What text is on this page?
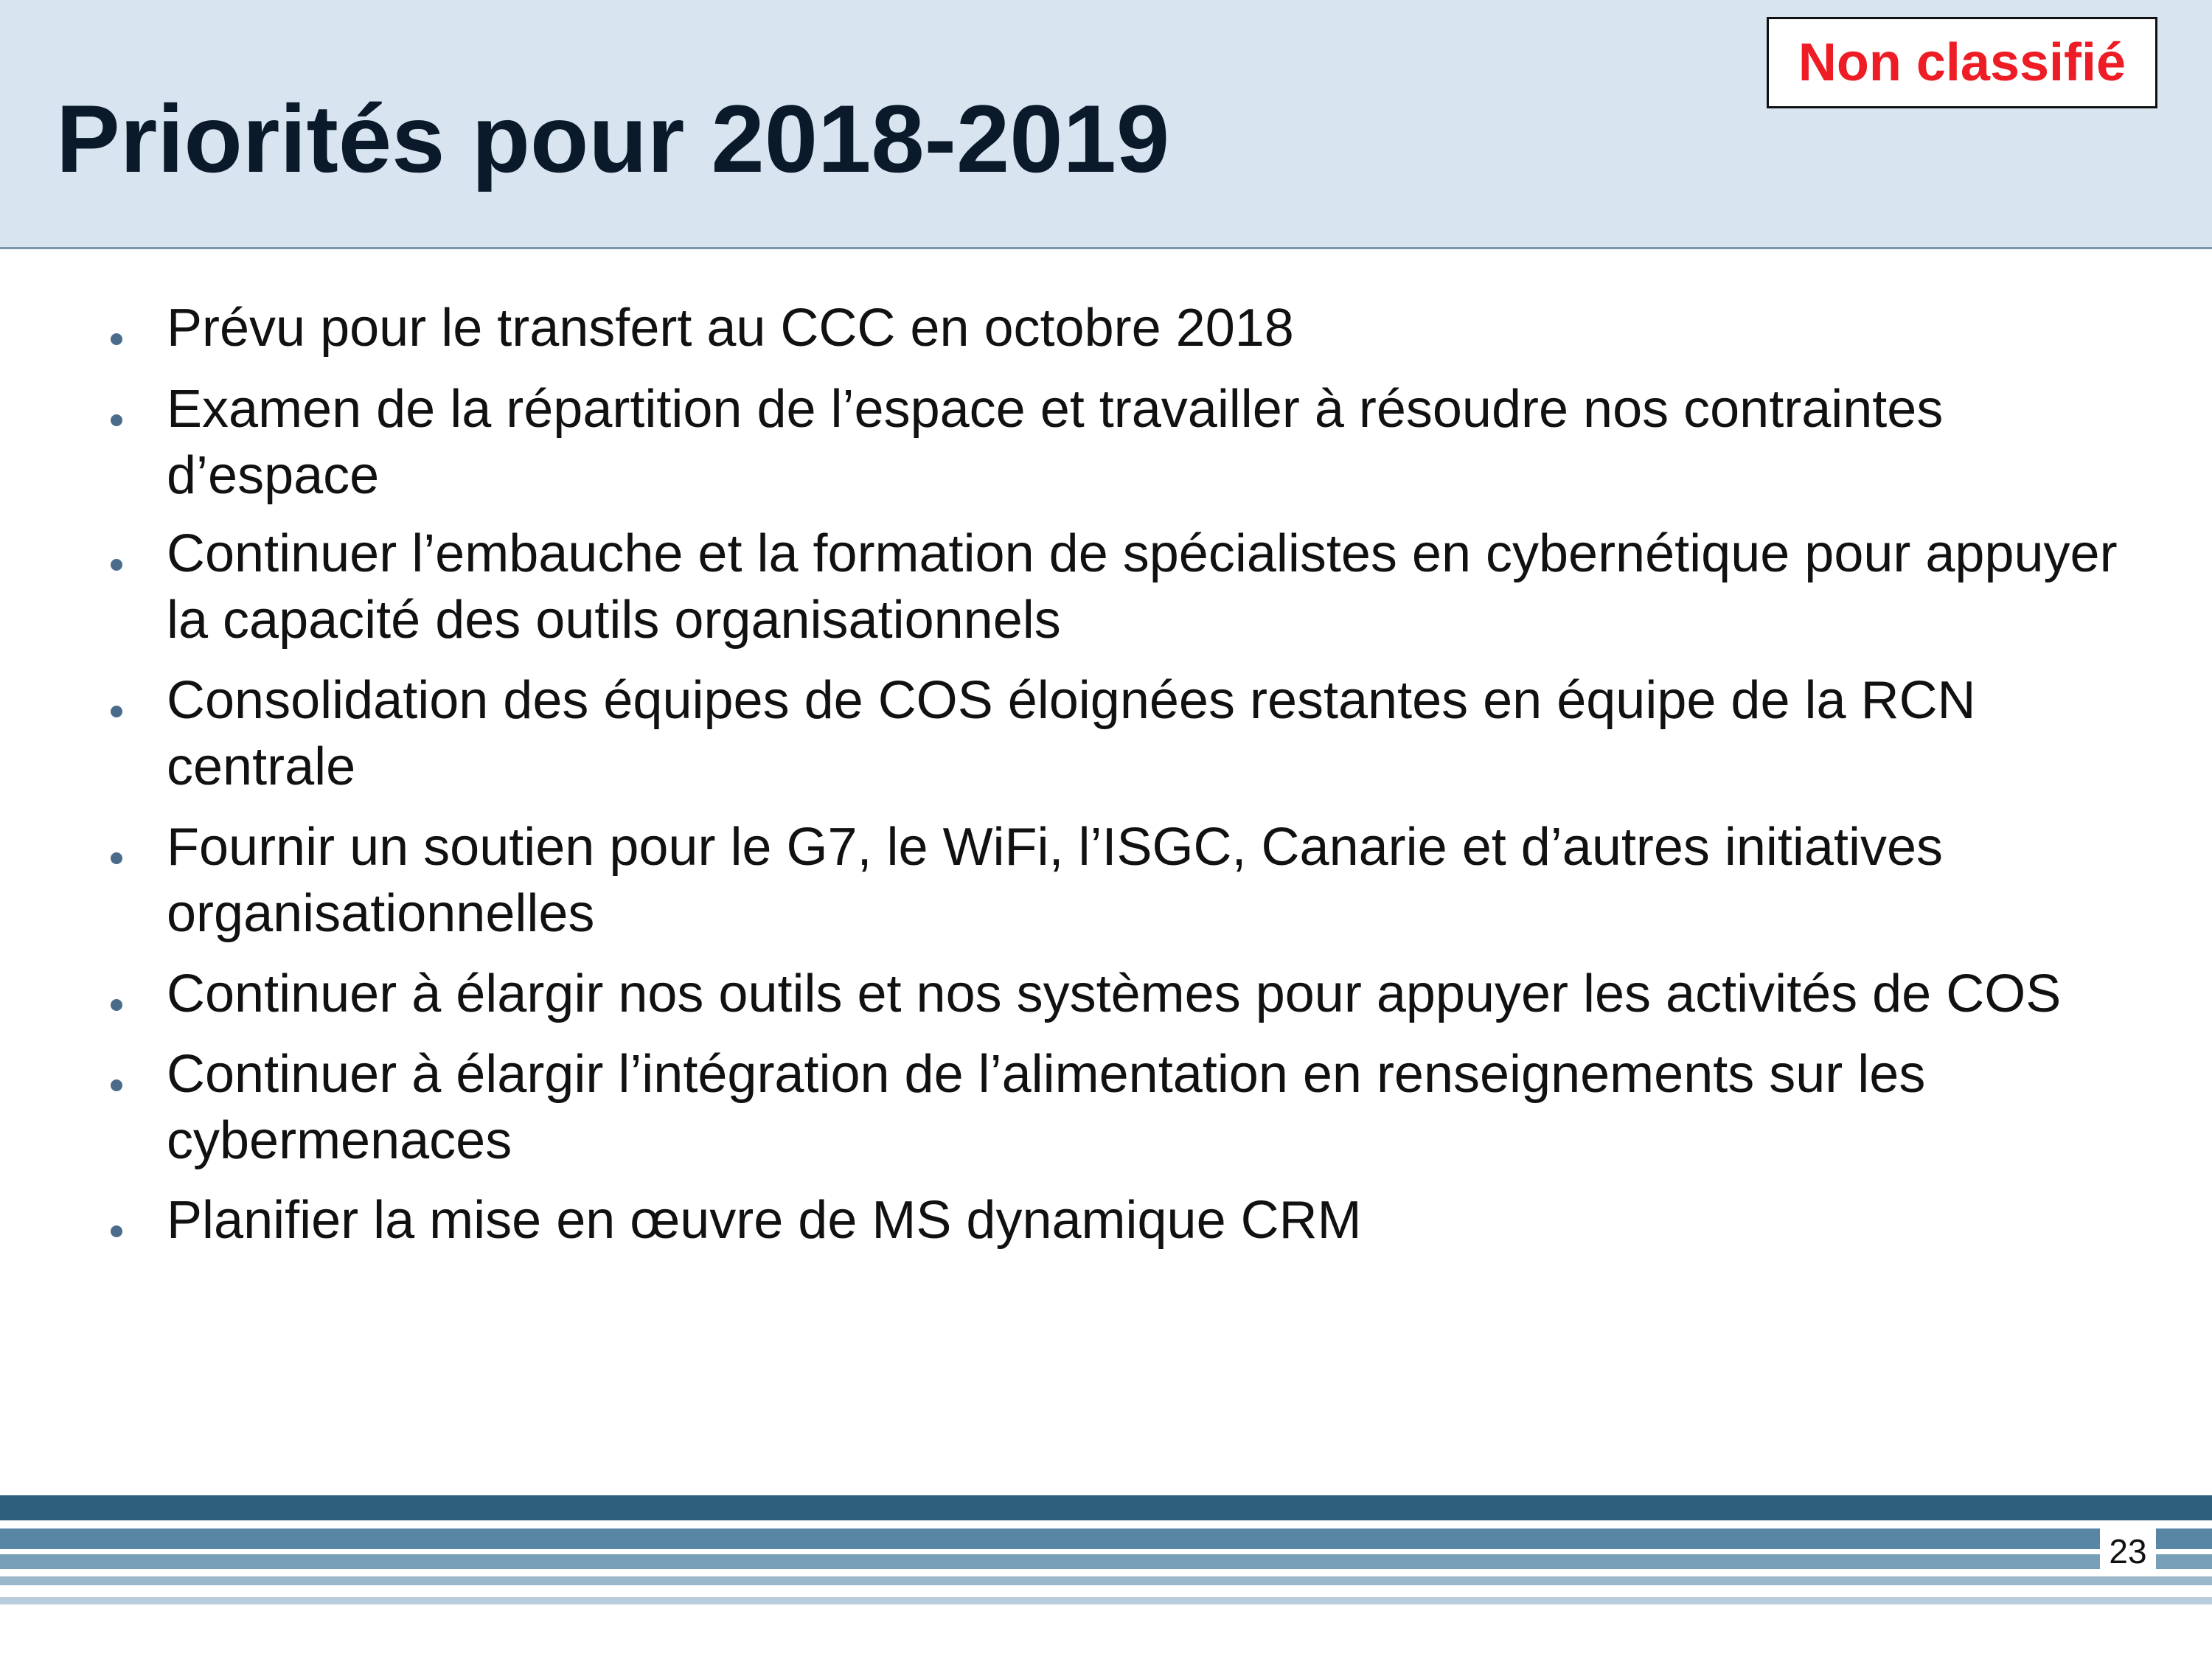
Priorités pour 2018-2019
Non classifié
Prévu pour le transfert au CCC en octobre 2018
Examen de la répartition de l’espace et travailler à résoudre nos contraintes d’espace
Continuer l’embauche et la formation de spécialistes en cybernétique pour appuyer la capacité des outils organisationnels
Consolidation des équipes de COS éloignées restantes en équipe de la RCN centrale
Fournir un soutien pour le G7, le WiFi, l’ISGC, Canarie et d’autres initiatives organisationnelles
Continuer à élargir nos outils et nos systèmes pour appuyer les activités de COS
Continuer à élargir l’intégration de l’alimentation en renseignements sur les cybermenaces
Planifier la mise en œuvre de MS dynamique CRM
23
